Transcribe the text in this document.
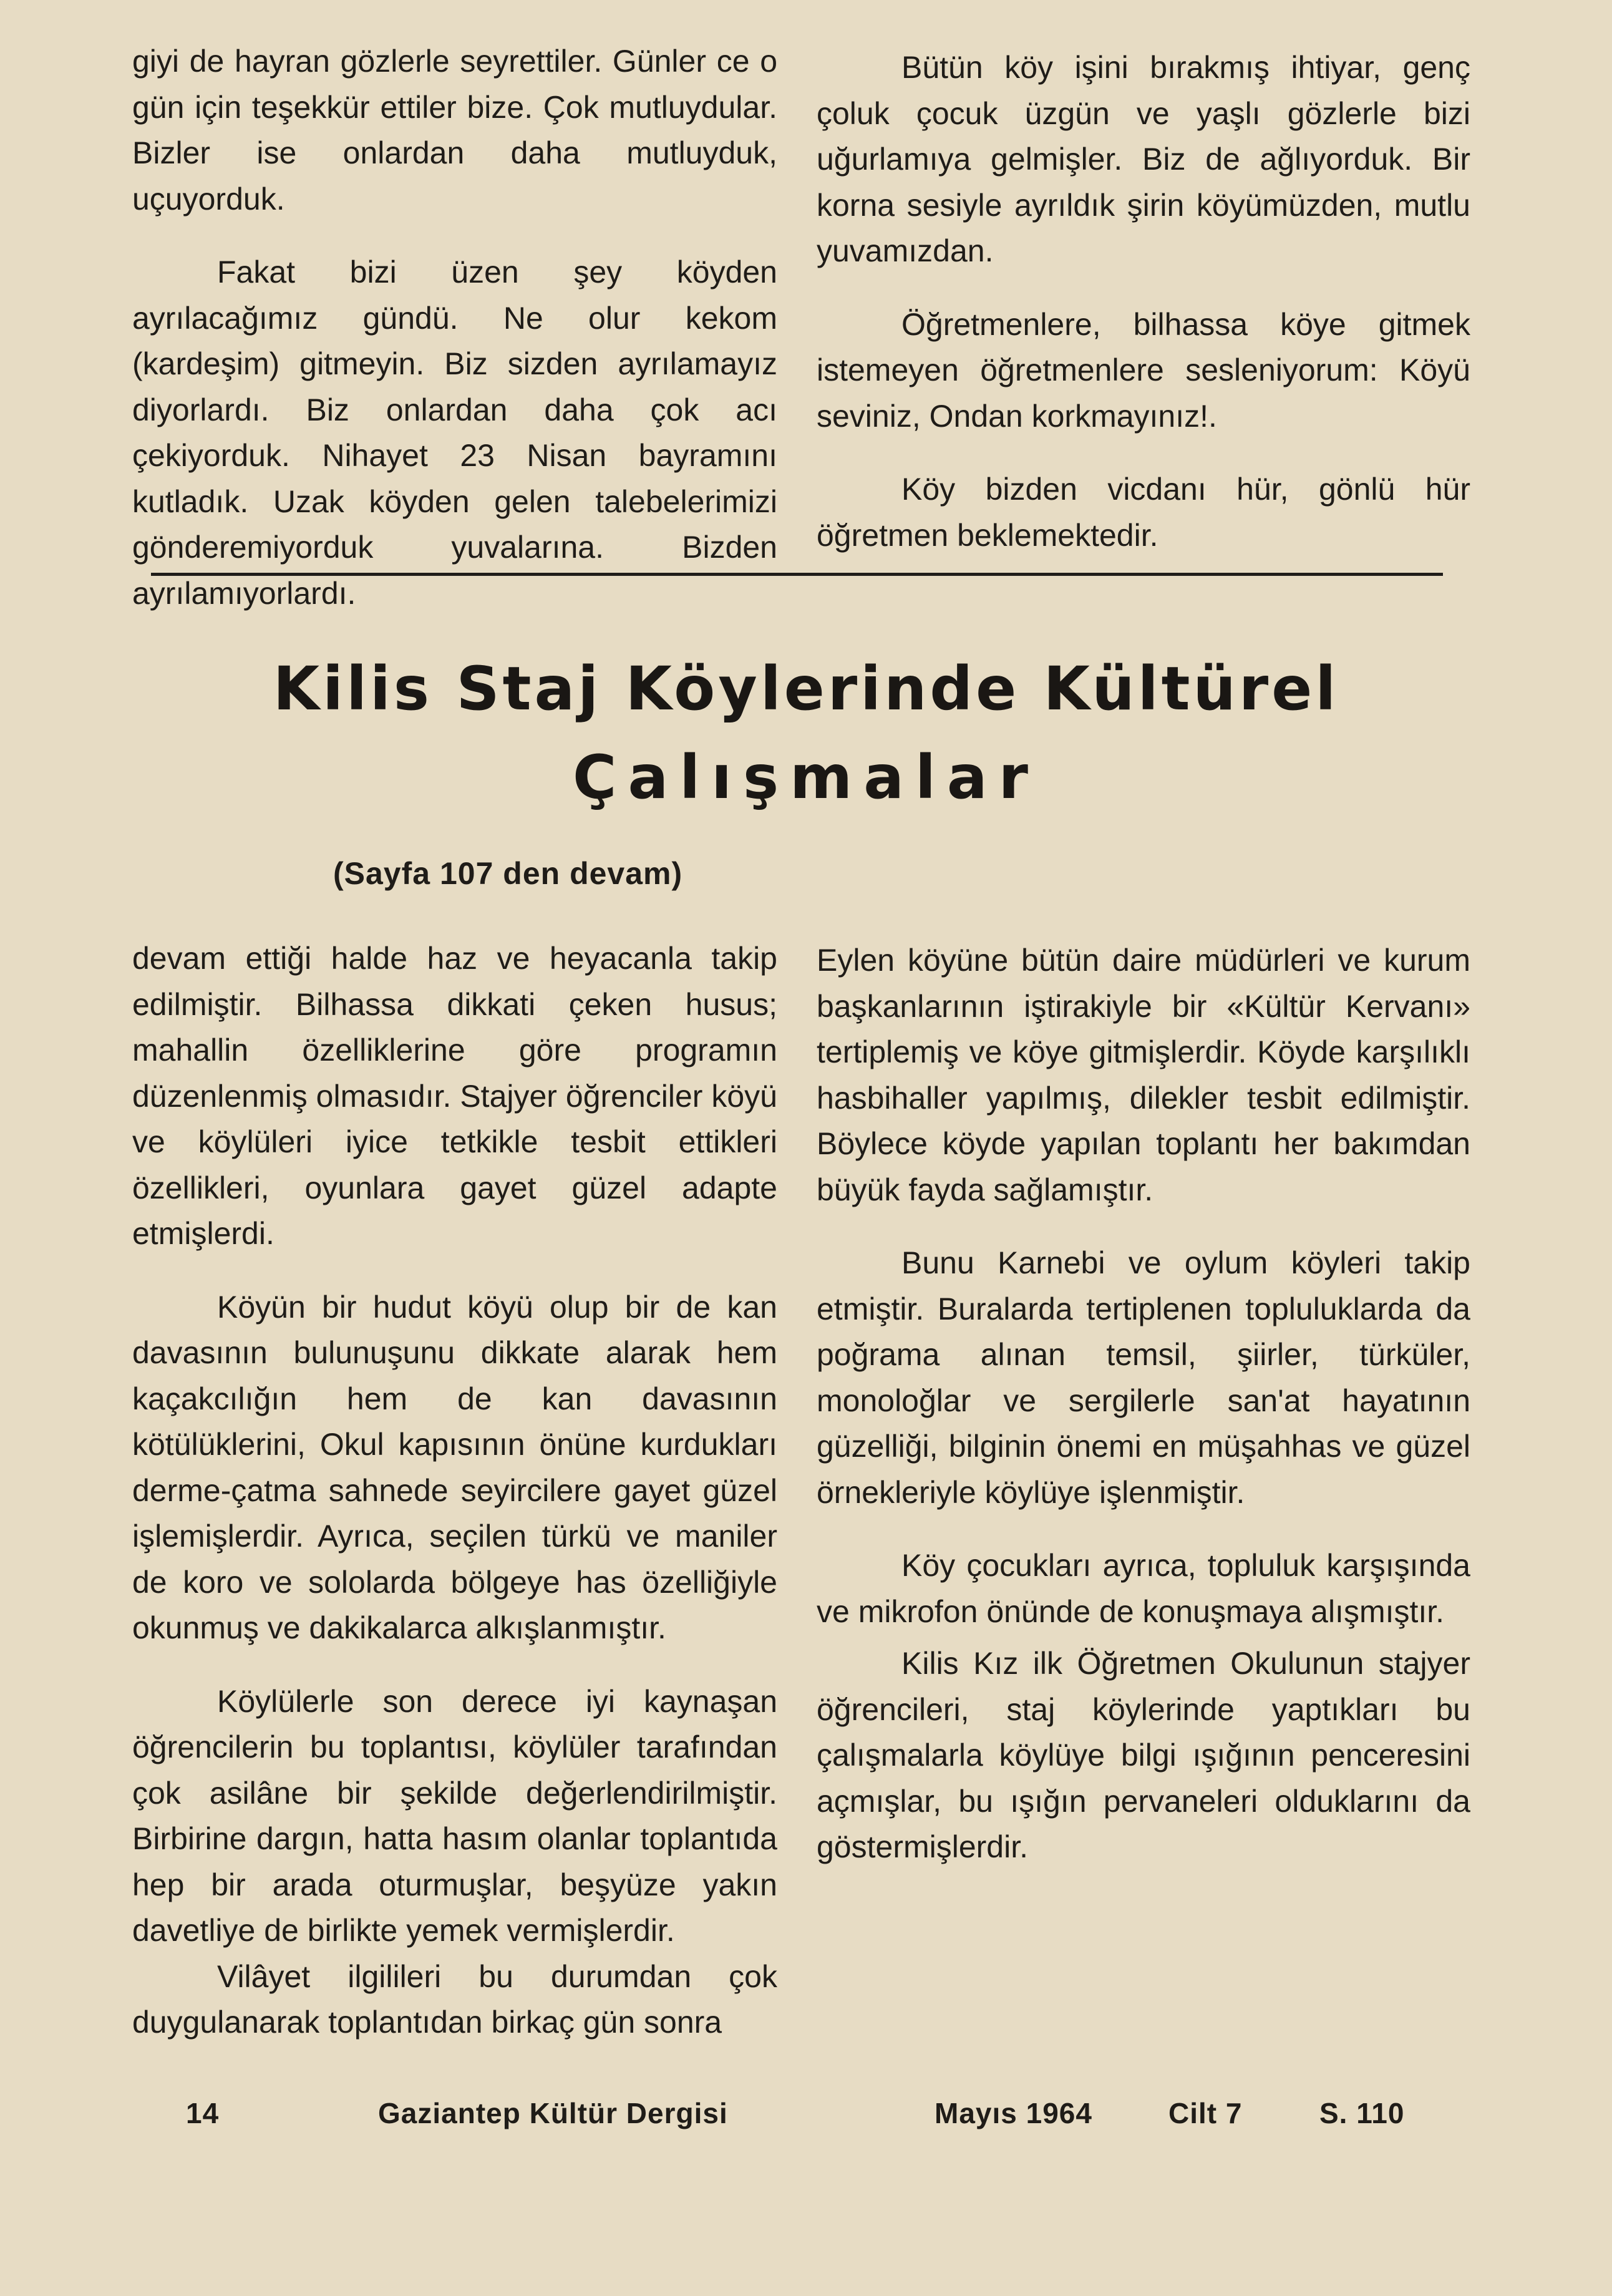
giyi de hayran gözlerle seyrettiler. Günler ce o gün için teşekkür ettiler bize. Çok mutluydular. Bizler ise onlardan daha mutluyduk, uçuyorduk.

Fakat bizi üzen şey köyden ayrılacağımız gündü. Ne olur kekom (kardeşim) gitmeyin. Biz sizden ayrılamayız diyorlardı. Biz onlardan daha çok acı çekiyorduk. Nihayet 23 Nisan bayramını kutladık. Uzak köyden gelen talebelerimizi gönderemiyorduk yuvalarına. Bizden ayrılamıyorlardı.

Bütün köy işini bırakmış ihtiyar, genç çoluk çocuk üzgün ve yaşlı gözlerle bizi uğurlamıya gelmişler. Biz de ağlıyorduk. Bir korna sesiyle ayrıldık şirin köyümüzden, mutlu yuvamızdan.

Öğretmenlere, bilhassa köye gitmek istemeyen öğretmenlere sesleniyorum: Köyü seviniz, Ondan korkmayınız!.

Köy bizden vicdanı hür, gönlü hür öğretmen beklemektedir.

Kilis Staj Köylerinde Kültürel
Çalışmalar
(Sayfa 107 den devam)

devam ettiği halde haz ve heyacanla takip edilmiştir. Bilhassa dikkati çeken husus; mahallin özelliklerine göre programın düzenlenmiş olmasıdır. Stajyer öğrenciler köyü ve köylüleri iyice tetkikle tesbit ettikleri özellikleri, oyunlara gayet güzel adapte etmişlerdi.

Köyün bir hudut köyü olup bir de kan davasının bulunuşunu dikkate alarak hem kaçakcılığın hem de kan davasının kötülüklerini, Okul kapısının önüne kurdukları derme-çatma sahnede seyircilere gayet güzel işlemişlerdir. Ayrıca, seçilen türkü ve maniler de koro ve sololarda bölgeye has özelliğiyle okunmuş ve dakikalarca alkışlanmıştır.

Köylülerle son derece iyi kaynaşan öğrencilerin bu toplantısı, köylüler tarafından çok asilâne bir şekilde değerlendirilmiştir. Birbirine dargın, hatta hasım olanlar toplantıda hep bir arada oturmuşlar, beşyüze yakın davetliye de birlikte yemek vermişlerdir.

Vilâyet ilgilileri bu durumdan çok duygulanarak toplantıdan birkaç gün sonra

Eylen köyüne bütün daire müdürleri ve kurum başkanlarının iştirakiyle bir «Kültür Kervanı» tertiplemiş ve köye gitmişlerdir. Köyde karşılıklı hasbihaller yapılmış, dilekler tesbit edilmiştir. Böylece köyde yapılan toplantı her bakımdan büyük fayda sağlamıştır.

Bunu Karnebi ve oylum köyleri takip etmiştir. Buralarda tertiplenen topluluklarda da poğrama alınan temsil, şiirler, türküler, monoloğlar ve sergilerle san'at hayatının güzelliği, bilginin önemi en müşahhas ve güzel örnekleriyle köylüye işlenmiştir.

Köy çocukları ayrıca, topluluk karşışında ve mikrofon önünde de konuşmaya alışmıştır.

Kilis Kız ilk Öğretmen Okulunun stajyer öğrencileri, staj köylerinde yaptıkları bu çalışmalarla köylüye bilgi ışığının penceresini açmışlar, bu ışığın pervaneleri olduklarını da göstermişlerdir.

14	Gaziantep Kültür Dergisi	Mayıs 1964	Cilt 7	S. 110
